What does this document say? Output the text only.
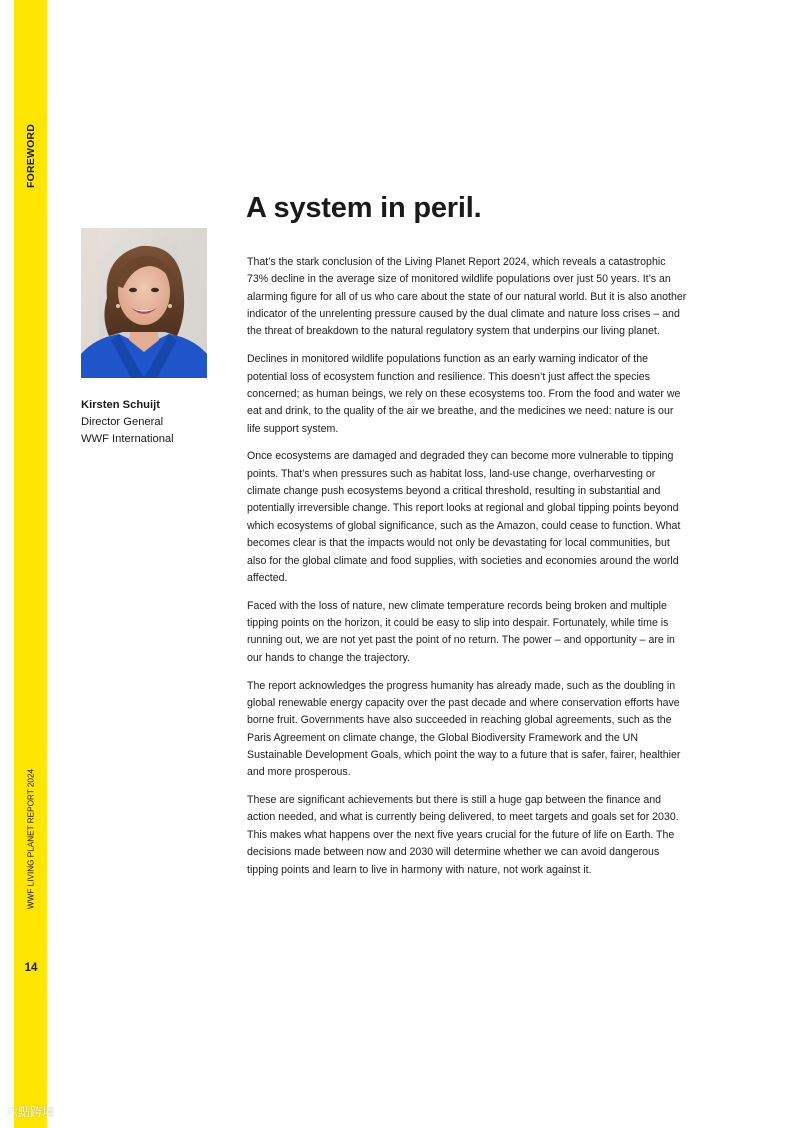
FOREWORD
WWF LIVING PLANET REPORT 2024
14
Kirsten Schuijt
Director General
WWF International
A system in peril.

That’s the stark conclusion of the Living Planet Report 2024, which reveals a catastrophic 73% decline in the average size of monitored wildlife populations over just 50 years. It’s an alarming figure for all of us who care about the state of our natural world. But it is also another indicator of the unrelenting pressure caused by the dual climate and nature loss crises – and the threat of breakdown to the natural regulatory system that underpins our living planet.

Declines in monitored wildlife populations function as an early warning indicator of the potential loss of ecosystem function and resilience. This doesn’t just affect the species concerned; as human beings, we rely on these ecosystems too. From the food and water we eat and drink, to the quality of the air we breathe, and the medicines we need: nature is our life support system.

Once ecosystems are damaged and degraded they can become more vulnerable to tipping points. That’s when pressures such as habitat loss, land-use change, overharvesting or climate change push ecosystems beyond a critical threshold, resulting in substantial and potentially irreversible change. This report looks at regional and global tipping points beyond which ecosystems of global significance, such as the Amazon, could cease to function. What becomes clear is that the impacts would not only be devastating for local communities, but also for the global climate and food supplies, with societies and economies around the world affected.

Faced with the loss of nature, new climate temperature records being broken and multiple tipping points on the horizon, it could be easy to slip into despair. Fortunately, while time is running out, we are not yet past the point of no return. The power – and opportunity – are in our hands to change the trajectory.

The report acknowledges the progress humanity has already made, such as the doubling in global renewable energy capacity over the past decade and where conservation efforts have borne fruit. Governments have also succeeded in reaching global agreements, such as the Paris Agreement on climate change, the Global Biodiversity Framework and the UN Sustainable Development Goals, which point the way to a future that is safer, fairer, healthier and more prosperous.

These are significant achievements but there is still a huge gap between the finance and action needed, and what is currently being delivered, to meet targets and goals set for 2030. This makes what happens over the next five years crucial for the future of life on Earth. The decisions made between now and 2030 will determine whether we can avoid dangerous tipping points and learn to live in harmony with nature, not work against it.

六點跨境
